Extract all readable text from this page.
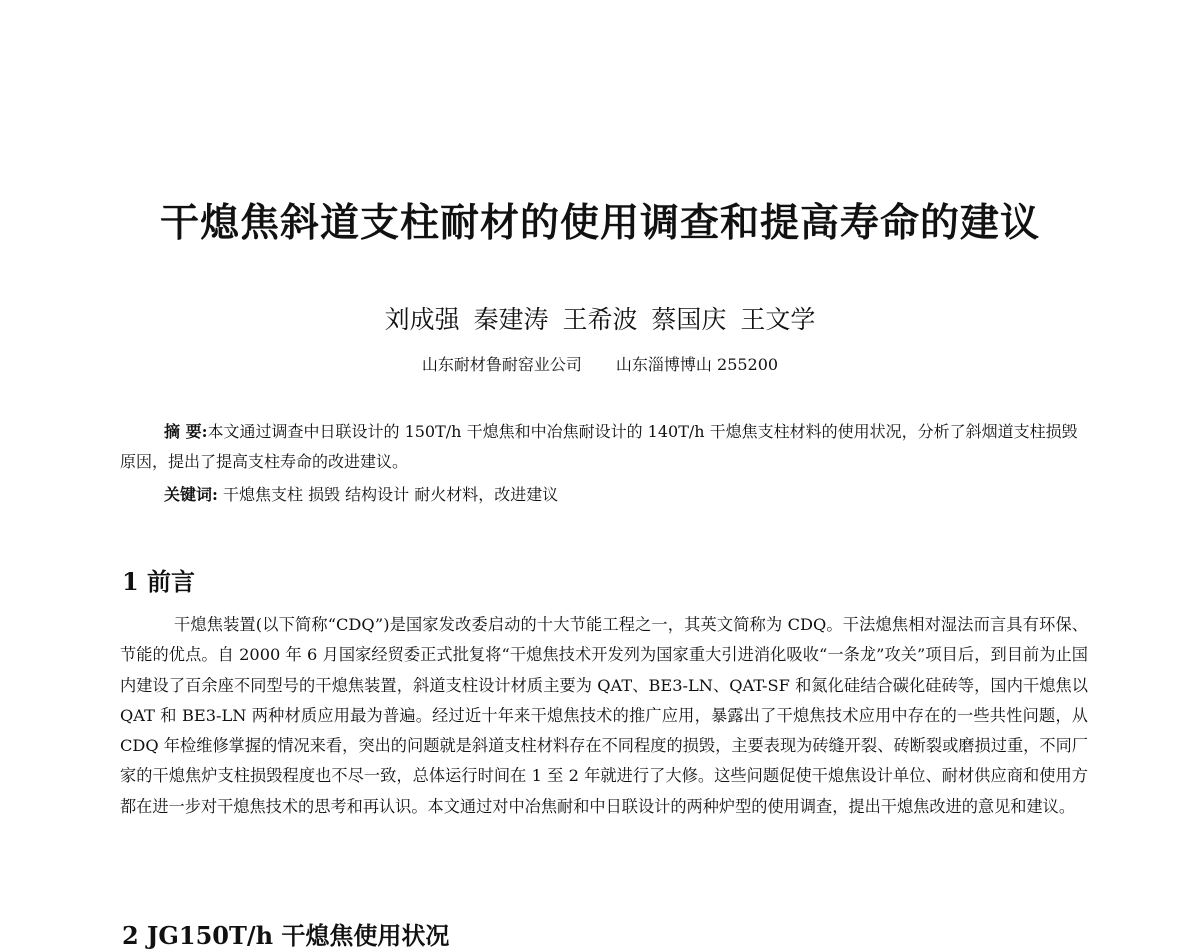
干熄焦斜道支柱耐材的使用调查和提高寿命的建议
刘成强 秦建涛 王希波 蔡国庆 王文学
山东耐材鲁耐窑业公司 山东淄博博山 255200

摘 要:本文通过调查中日联设计的 150T/h 干熄焦和中冶焦耐设计的 140T/h 干熄焦支柱材料的使用状况，分析了斜烟道支柱损毁原因，提出了提高支柱寿命的改进建议。

关键词: 干熄焦支柱 损毁 结构设计 耐火材料，改进建议
1 前言

干熄焦装置(以下简称“CDQ”)是国家发改委启动的十大节能工程之一，其英文简称为 CDQ。干法熄焦相对湿法而言具有环保、节能的优点。自 2000 年 6 月国家经贸委正式批复将“干熄焦技术开发列为国家重大引进消化吸收“一条龙”攻关”项目后，到目前为止国内建设了百余座不同型号的干熄焦装置，斜道支柱设计材质主要为 QAT、BE3-LN、QAT-SF 和氮化硅结合碳化硅砖等，国内干熄焦以 QAT 和 BE3-LN 两种材质应用最为普遍。经过近十年来干熄焦技术的推广应用，暴露出了干熄焦技术应用中存在的一些共性问题，从 CDQ 年检维修掌握的情况来看，突出的问题就是斜道支柱材料存在不同程度的损毁，主要表现为砖缝开裂、砖断裂或磨损过重，不同厂家的干熄焦炉支柱损毁程度也不尽一致，总体运行时间在 1 至 2 年就进行了大修。这些问题促使干熄焦设计单位、耐材供应商和使用方都在进一步对干熄焦技术的思考和再认识。本文通过对中冶焦耐和中日联设计的两种炉型的使用调查，提出干熄焦改进的意见和建议。

2 JG150T/h 干熄焦使用状况
